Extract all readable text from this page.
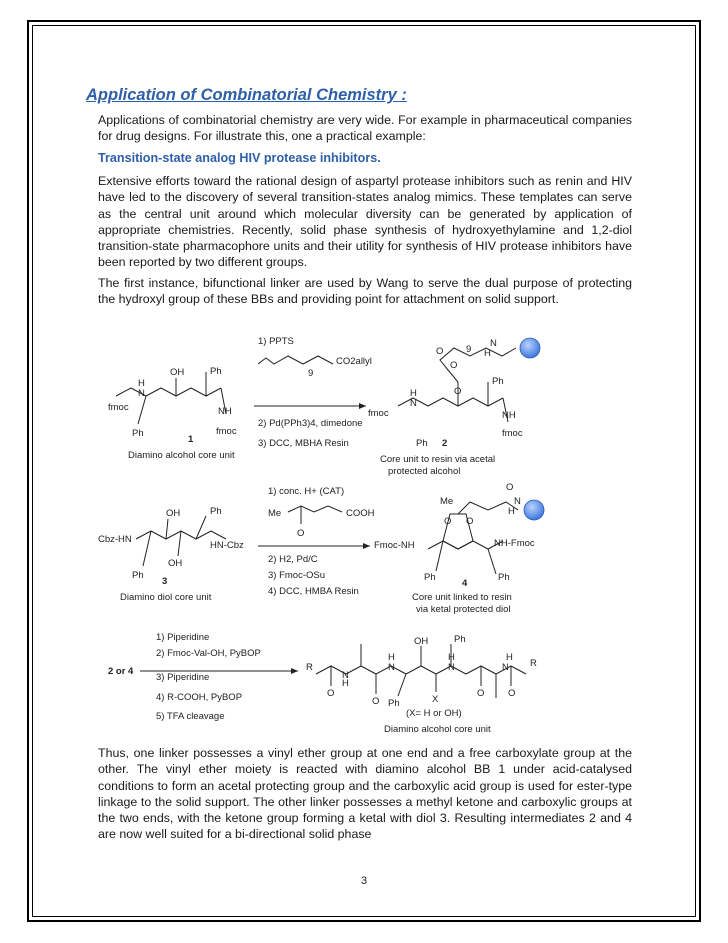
Application of Combinatorial Chemistry :

Applications of combinatorial chemistry are very wide. For example in pharmaceutical companies for drug designs. For illustrate this, one a practical example:

Transition-state analog HIV protease inhibitors.

Extensive efforts toward the rational design of aspartyl protease inhibitors such as renin and HIV have led to the discovery of several transition-states analog mimics. These templates can serve as the central unit around which molecular diversity can be generated by application of appropriate chemistries. Recently, solid phase synthesis of hydroxyethylamine and 1,2-diol transition-state pharmacophore units and their utility for synthesis of HIV protease inhibitors have been reported by two different groups.

The first instance, bifunctional linker are used by Wang to serve the dual purpose of protecting the hydroxyl group of these BBs and providing point for attachment on solid support.

CO2allyl
9
OH	Ph
H
N
NH
fmoc
fmoc
Ph
1
Diamino alcohol core unit
H
N
9
O
O
O
Ph
H
N
NH
fmoc
fmoc
Ph 2
Core unit to resin via acetal
protected alcohol
Me	COOH
O
Cbz-HN
OH	Ph
HN-Cbz
OH
Ph
3
Diamino diol core unit
Me
O O
H
N
O
Fmoc-NH	NH-Fmoc
Ph	Ph
4
Core unit linked to resin
via ketal protected diol
2 or 4	R
O
H
N
O
H
N
OH	Ph
H
N
O
H
N R
O
Ph	X
(X= H or OH)
Diamino alcohol core unit
1) PPTS
2) Pd(PPh3)4, dimedone
3) DCC, MBHA Resin
1) conc. H+ (CAT)
2) H2, Pd/C
3) Fmoc-OSu
4) DCC, HMBA Resin
1) Piperidine
2) Fmoc-Val-OH, PyBOP
3) Piperidine
4) R-COOH, PyBOP
5) TFA cleavage

Thus, one linker possesses a vinyl ether group at one end and a free carboxylate group at the other. The vinyl ether moiety is reacted with diamino alcohol BB 1 under acid-catalysed conditions to form an acetal protecting group and the carboxylic acid group is used for ester-type linkage to the solid support. The other linker possesses a methyl ketone and carboxylic groups at the two ends, with the ketone group forming a ketal with diol 3. Resulting intermediates 2 and 4 are now well suited for a bi-directional solid phase

3
